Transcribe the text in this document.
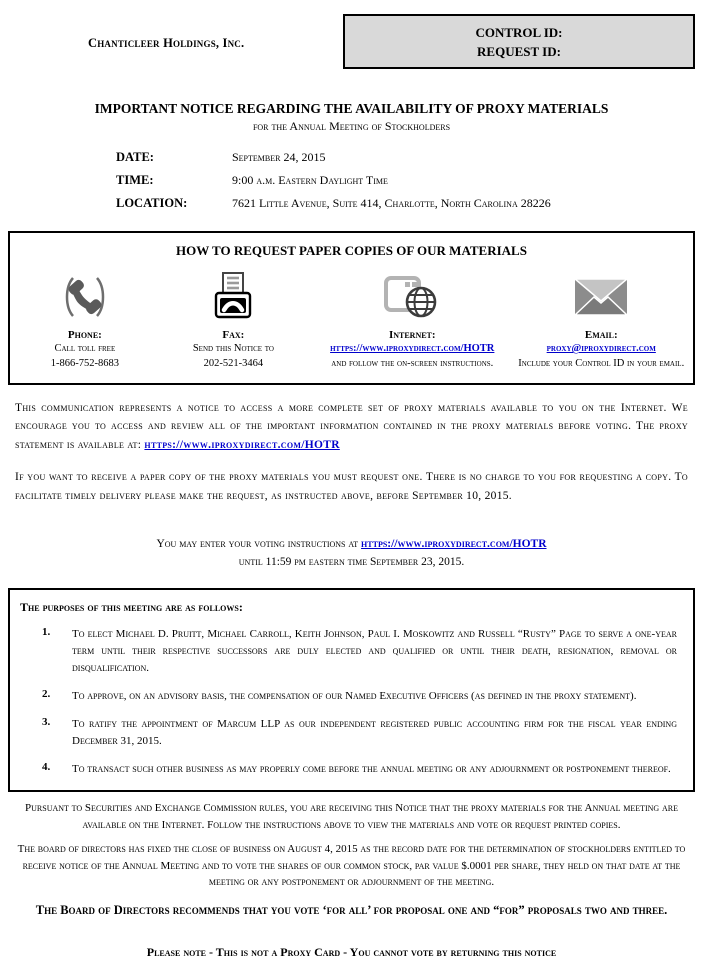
Chanticleer Holdings, Inc.
CONTROL ID:
REQUEST ID:
IMPORTANT NOTICE REGARDING THE AVAILABILITY OF PROXY MATERIALS
for the Annual Meeting of Stockholders
DATE:	September 24, 2015
TIME:	9:00 a.m. Eastern Daylight Time
LOCATION:	7621 Little Avenue, Suite 414, Charlotte, North Carolina 28226
HOW TO REQUEST PAPER COPIES OF OUR MATERIALS
Phone:
Call toll free
1-866-752-8683
Fax:
Send this Notice to
202-521-3464
Internet:
https://www.iproxydirect.com/HOTR
and follow the on-screen instructions.
Email:
proxy@iproxydirect.com
Include your Control ID in your email.
This communication represents a notice to access a more complete set of proxy materials available to you on the Internet. We encourage you to access and review all of the important information contained in the proxy materials before voting. The proxy statement is available at: https://www.iproxydirect.com/HOTR
If you want to receive a paper copy of the proxy materials you must request one. There is no charge to you for requesting a copy. To facilitate timely delivery please make the request, as instructed above, before September 10, 2015.
You may enter your voting instructions at https://www.iproxydirect.com/HOTR
until 11:59 pm eastern time September 23, 2015.
The purposes of this meeting are as follows:
1.	To elect Michael D. Pruitt, Michael Carroll, Keith Johnson, Paul I. Moskowitz and Russell “Rusty” Page to serve a one-year term until their respective successors are duly elected and qualified or until their death, resignation, removal or disqualification.
2.	To approve, on an advisory basis, the compensation of our Named Executive Officers (as defined in the proxy statement).
3.	To ratify the appointment of Marcum LLP as our independent registered public accounting firm for the fiscal year ending December 31, 2015.
4.	To transact such other business as may properly come before the annual meeting or any adjournment or postponement thereof.
Pursuant to Securities and Exchange Commission rules, you are receiving this Notice that the proxy materials for the Annual meeting are available on the Internet. Follow the instructions above to view the materials and vote or request printed copies.
The board of directors has fixed the close of business on August 4, 2015 as the record date for the determination of stockholders entitled to receive notice of the Annual Meeting and to vote the shares of our common stock, par value $.0001 per share, they held on that date at the meeting or any postponement or adjournment of the meeting.
The Board of Directors recommends that you vote ‘for all’ for proposal one and “for” proposals two and three.
Please note - This is not a Proxy Card - You cannot vote by returning this notice
